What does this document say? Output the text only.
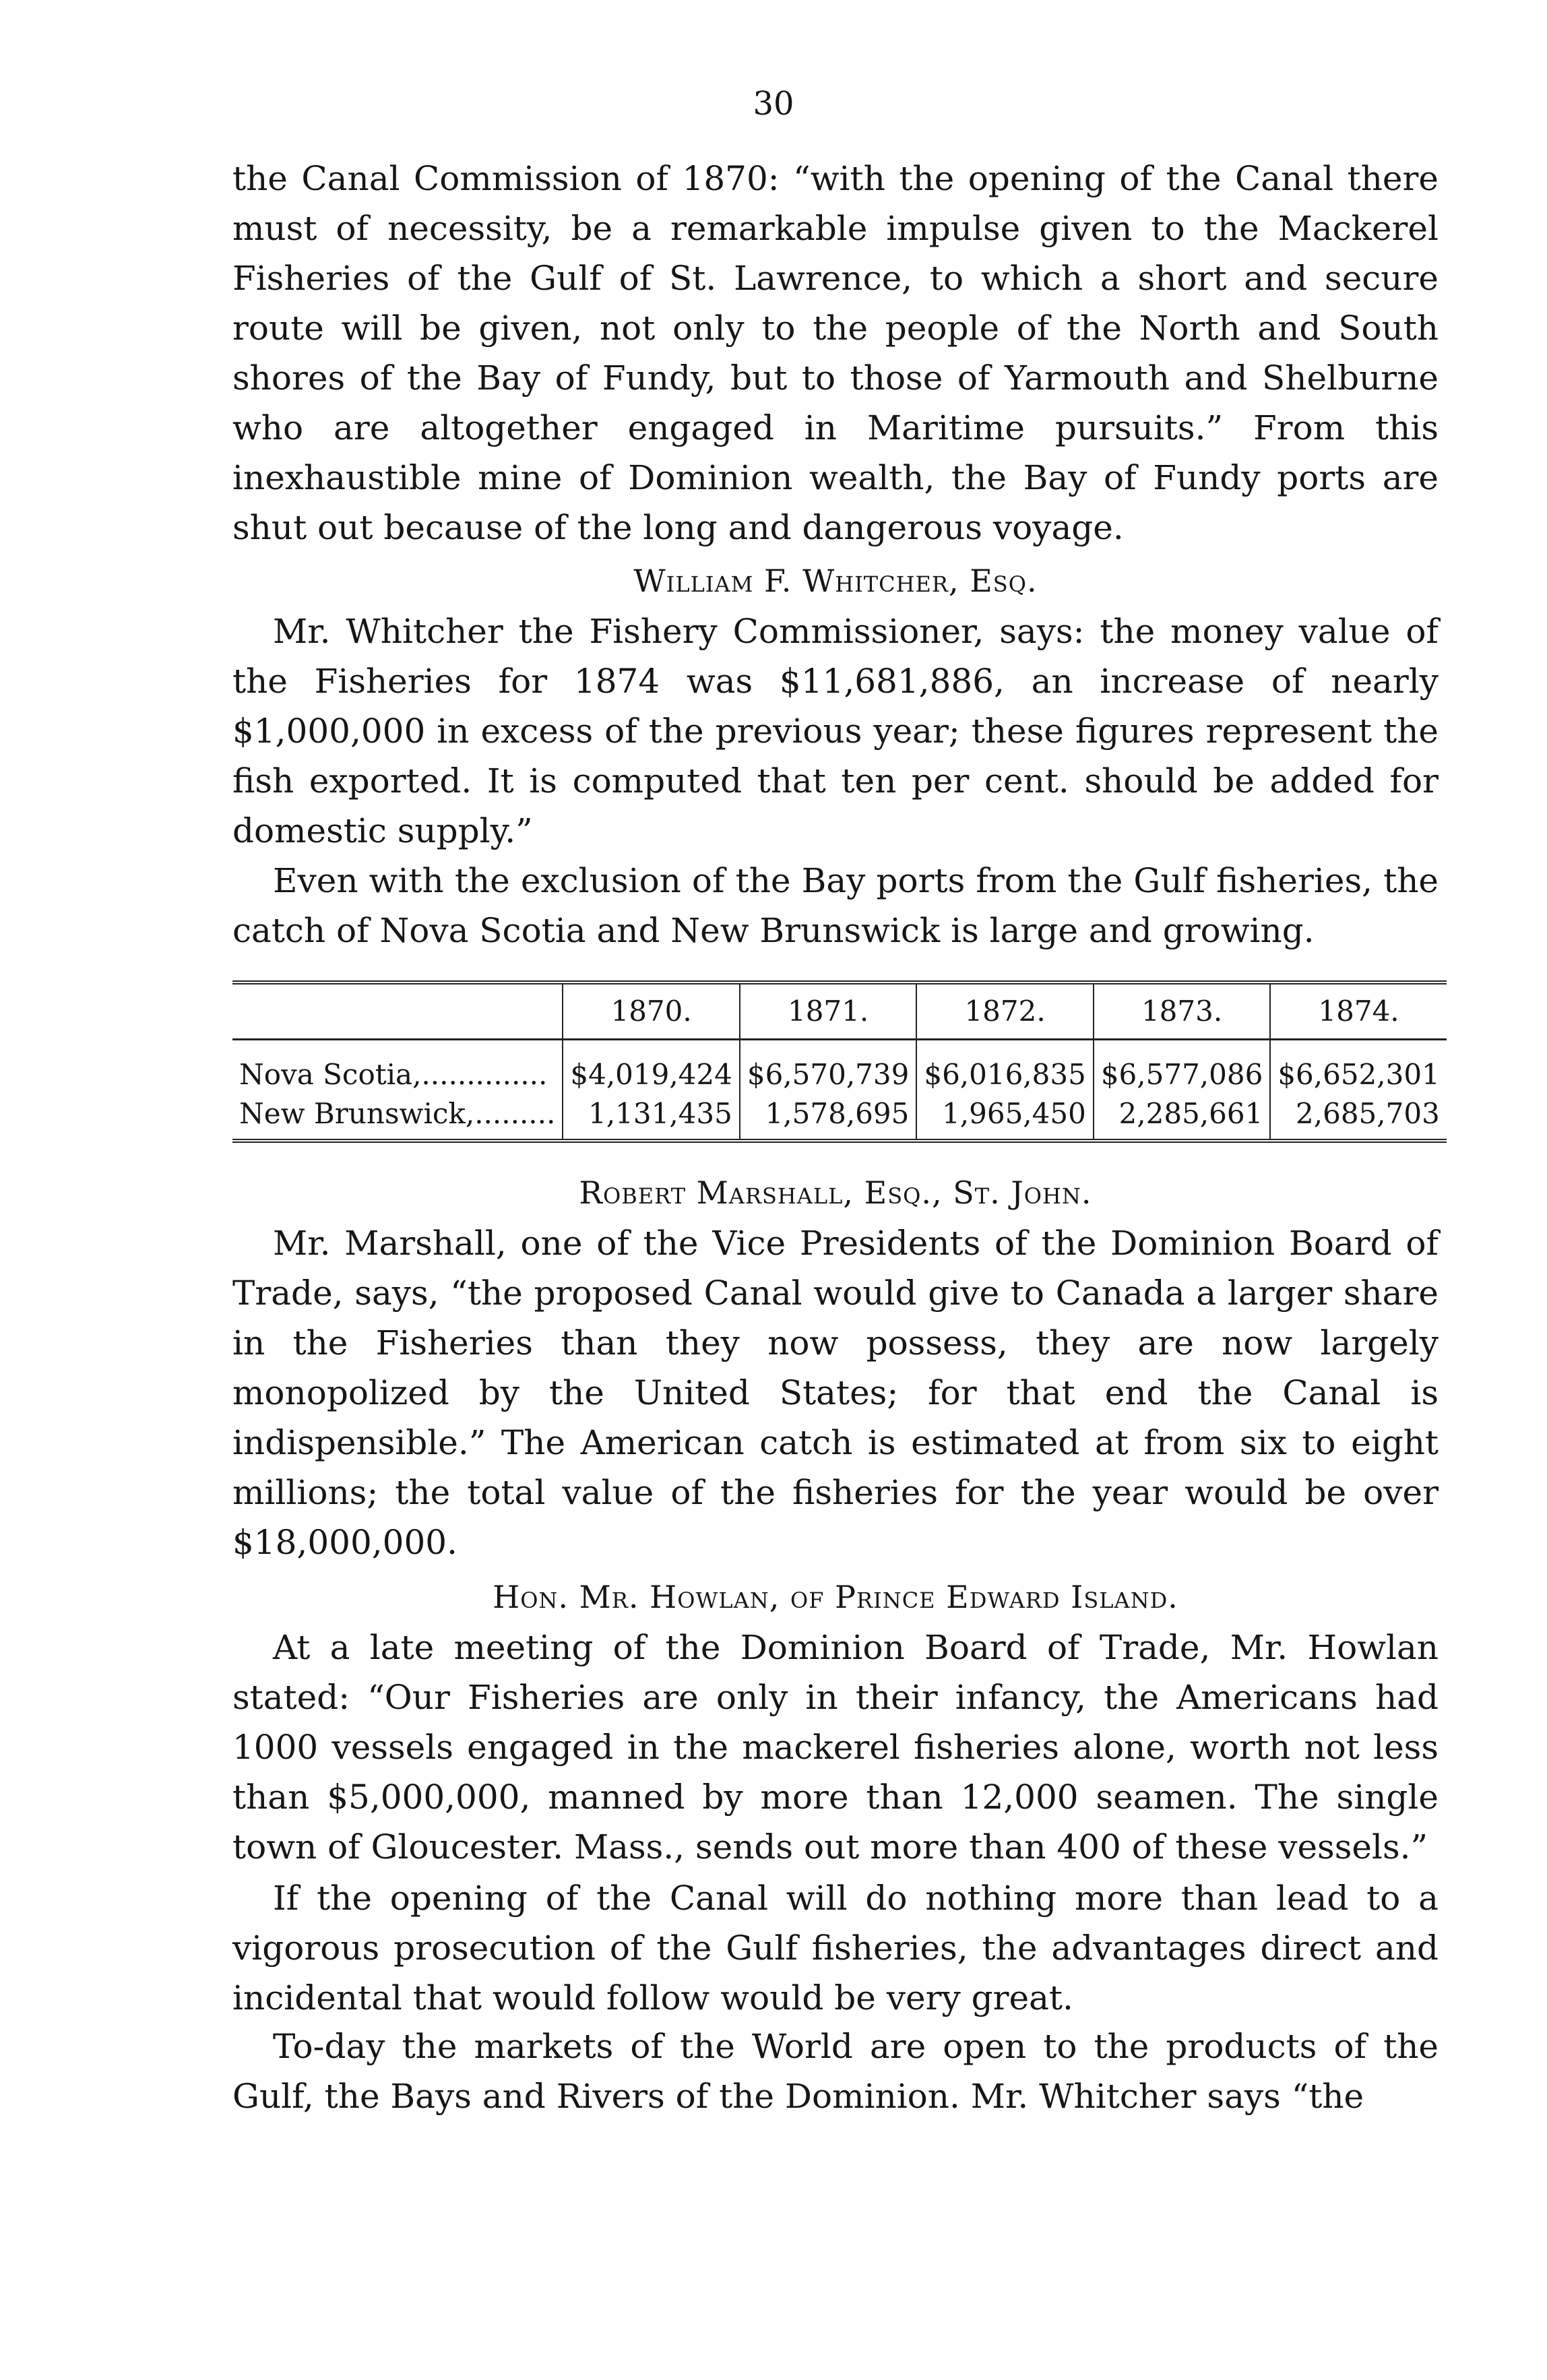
30

the Canal Commission of 1870: “with the opening of the Canal there must of necessity, be a remarkable impulse given to the Mackerel Fisheries of the Gulf of St. Lawrence, to which a short and secure route will be given, not only to the people of the North and South shores of the Bay of Fundy, but to those of Yarmouth and Shelburne who are altogether engaged in Maritime pursuits.” From this inexhaustible mine of Dominion wealth, the Bay of Fundy ports are shut out because of the long and dangerous voyage.

William F. Whitcher, Esq.

Mr. Whitcher the Fishery Commissioner, says: the money value of the Fisheries for 1874 was $11,681,886, an increase of nearly $1,000,000 in excess of the previous year; these figures represent the fish exported. It is computed that ten per cent. should be added for domestic supply.”

Even with the exclusion of the Bay ports from the Gulf fisheries, the catch of Nova Scotia and New Brunswick is large and growing.

	1870.	1871.	1872.	1873.	1874.
Nova Scotia,..............	$4,019,424	$6,570,739	$6,016,835	$6,577,086	$6,652,301
New Brunswick,.........	1,131,435	1,578,695	1,965,450	2,285,661	2,685,703
Robert Marshall, Esq., St. John.

Mr. Marshall, one of the Vice Presidents of the Dominion Board of Trade, says, “the proposed Canal would give to Canada a larger share in the Fisheries than they now possess, they are now largely monopolized by the United States; for that end the Canal is indispensible.” The American catch is estimated at from six to eight millions; the total value of the fisheries for the year would be over $18,000,000.

Hon. Mr. Howlan, of Prince Edward Island.

At a late meeting of the Dominion Board of Trade, Mr. Howlan stated: “Our Fisheries are only in their infancy, the Americans had 1000 vessels engaged in the mackerel fisheries alone, worth not less than $5,000,000, manned by more than 12,000 seamen. The single town of Gloucester. Mass., sends out more than 400 of these vessels.”

If the opening of the Canal will do nothing more than lead to a vigorous prosecution of the Gulf fisheries, the advantages direct and incidental that would follow would be very great.

To-day the markets of the World are open to the products of the Gulf, the Bays and Rivers of the Dominion. Mr. Whitcher says “the
